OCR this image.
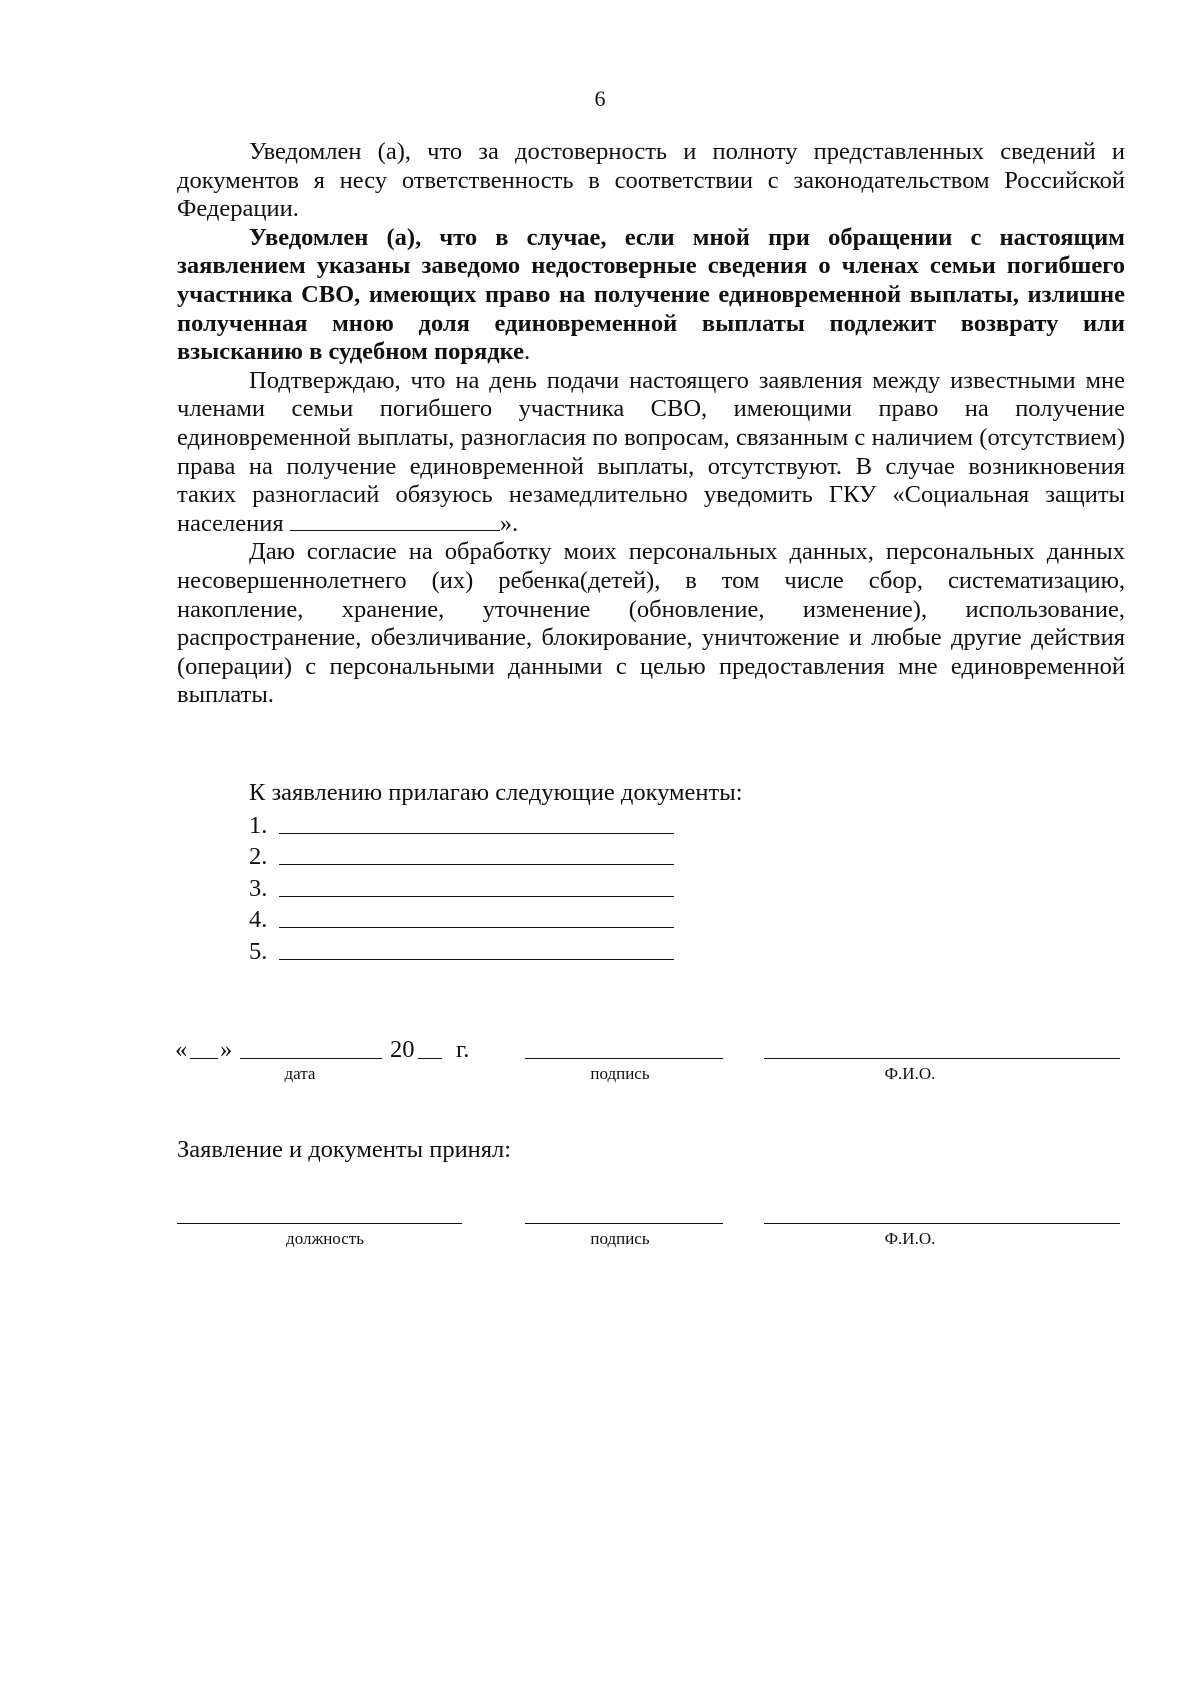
6

Уведомлен (а), что за достоверность и полноту представленных сведений и документов я несу ответственность в соответствии с законодательством Российской Федерации.

Уведомлен (а), что в случае, если мной при обращении с настоящим заявлением указаны заведомо недостоверные сведения о членах семьи погибшего участника СВО, имеющих право на получение единовременной выплаты, излишне полученная мною доля единовременной выплаты подлежит возврату или взысканию в судебном порядке.

Подтверждаю, что на день подачи настоящего заявления между известными мне членами семьи погибшего участника СВО, имеющими право на получение единовременной выплаты, разногласия по вопросам, связанным с наличием (отсутствием) права на получение единовременной выплаты, отсутствуют. В случае возникновения таких разногласий обязуюсь незамедлительно уведомить ГКУ «Социальная защиты населения	».

Даю согласие на обработку моих персональных данных, персональных данных несовершеннолетнего (их) ребенка(детей), в том числе сбор, систематизацию, накопление, хранение, уточнение (обновление, изменение), использование, распространение, обезличивание, блокирование, уничтожение и любые другие действия (операции) с персональными данными с целью предоставления мне единовременной выплаты.

К заявлению прилагаю следующие документы:
1.
2.
3.
4.
5.
« »	20 г.
дата	подпись	Ф.И.О.
Заявление и документы принял:
должность	подпись	Ф.И.О.
